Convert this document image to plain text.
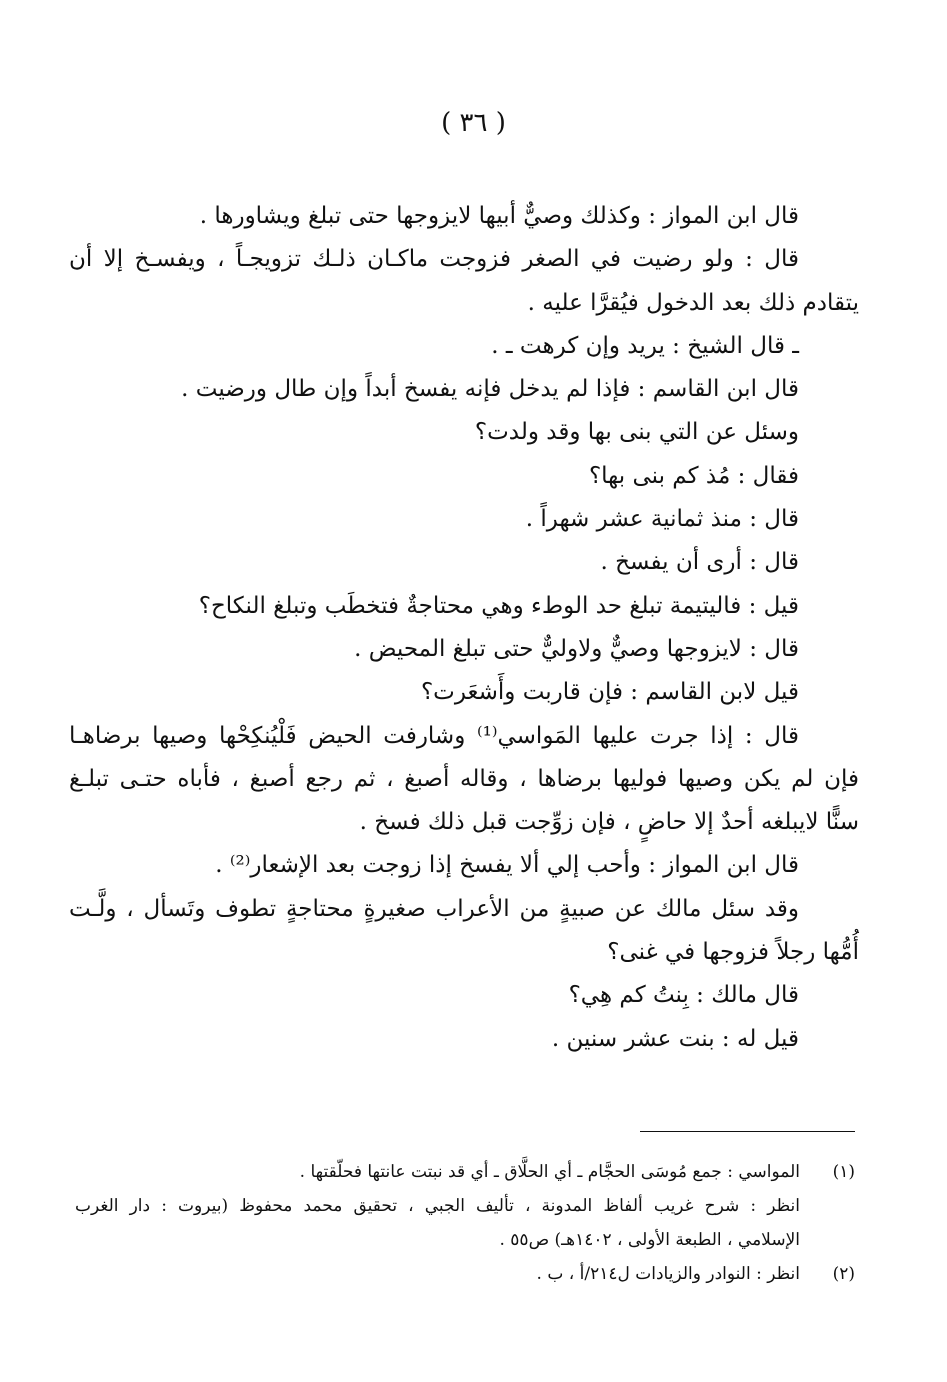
( ٣٦ )

قال ابن المواز : وكذلك وصيٌّ أبيها لايزوجها حتى تبلغ ويشاورها .

قال : ولو رضيت في الصغر فزوجت ماكـان ذلـك تزويجـاً ، ويفسـخ إلا أن

يتقادم ذلك بعد الدخول فيُقرَّا عليه .

ـ قال الشيخ : يريد وإن كرهت ـ .

قال ابن القاسم : فإذا لم يدخل فإنه يفسخ أبداً وإن طال ورضيت .

وسئل عن التي بنى بها وقد ولدت؟

فقال : مُذ كم بنى بها؟

قال : منذ ثمانية عشر شهراً .

قال : أرى أن يفسخ .

قيل : فاليتيمة تبلغ حد الوطء وهي محتاجةٌ فتخطَب وتبلغ النكاح؟

قال : لايزوجها وصيٌّ ولاوليٌّ حتى تبلغ المحيض .

قيل لابن القاسم : فإن قاربت وأَشعَرت؟

قال : إذا جرت عليها المَواسي⁽¹⁾ وشارفت الحيض فَلْيُنكِحْها وصيها برضاهـا

فإن لم يكن وصيها فوليها برضاها ، وقاله أصبغ ، ثم رجع أصبغ ، فأباه حتـى تبلـغ

سنًّا لايبلغه أحدٌ إلا حاضٍ ، فإن زوِّجت قبل ذلك فسخ .

قال ابن المواز : وأحب إلي ألا يفسخ إذا زوجت بعد الإشعار⁽²⁾ .

وقد سئل مالك عن صبيةٍ من الأعراب صغيرةٍ محتاجةٍ تطوف وتَسأل ، ولَّـت

أُمُّها رجلاً فزوجها في غنى؟

قال مالك : بِنتُ كم هِي؟

قيل له : بنت عشر سنين .

(١)
المواسي : جمع مُوسَى الحجَّام ـ أي الحلَّاق ـ أي قد نبتت عانتها فحلّقتها .
انظر : شرح غريب ألفاظ المدونة ، تأليف الجبي ، تحقيق محمد محفوظ (بيروت : دار الغرب
الإسلامي ، الطبعة الأولى ، ١٤٠٢هـ) ص٥٥ .
(٢)
انظر : النوادر والزيادات ل٢١٤/أ ، ب .
